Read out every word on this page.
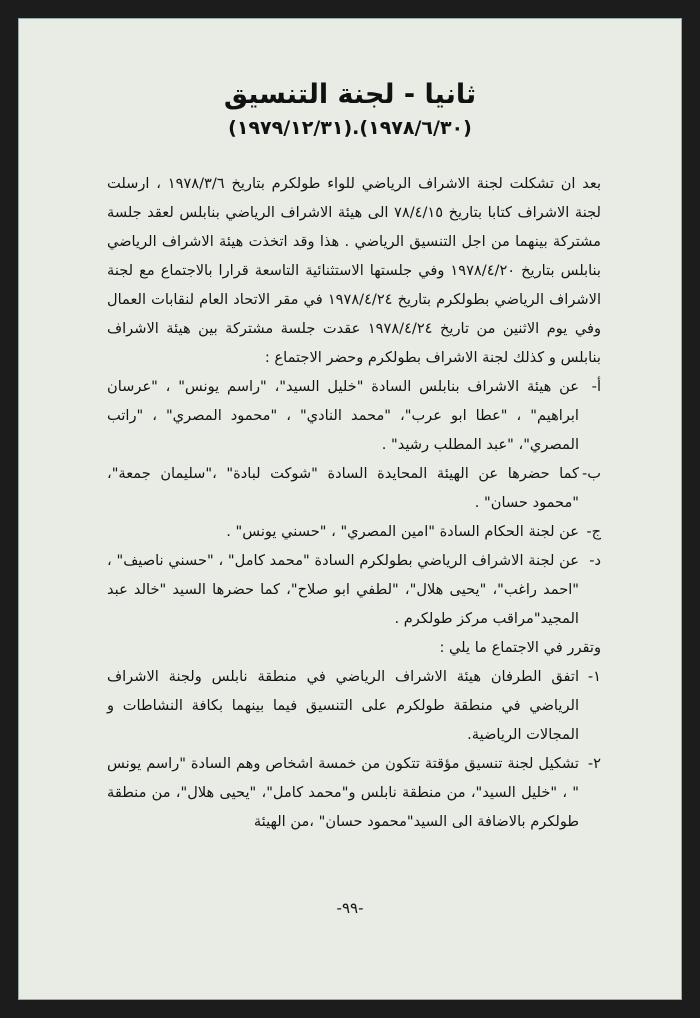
ثانيا - لجنة التنسيق
(١٩٧٨/٦/٣٠).(١٩٧٩/١٢/٣١)

بعد ان تشكلت لجنة الاشراف الرياضي للواء طولكرم بتاريخ ١٩٧٨/٣/٦ ، ارسلت لجنة الاشراف كتابا بتاريخ ٧٨/٤/١٥ الى هيئة الاشراف الرياضي بنابلس لعقد جلسة مشتركة بينهما من اجل التنسيق الرياضي . هذا وقد اتخذت هيئة الاشراف الرياضي بنابلس بتاريخ ١٩٧٨/٤/٢٠ وفي جلستها الاستثنائية التاسعة قرارا بالاجتماع مع لجنة الاشراف الرياضي بطولكرم بتاريخ ١٩٧٨/٤/٢٤ في مقر الاتحاد العام لنقابات العمال وفي يوم الاثنين من تاريخ ١٩٧٨/٤/٢٤ عقدت جلسة مشتركة بين هيئة الاشراف بنابلس و كذلك لجنة الاشراف بطولكرم وحضر الاجتماع :

أ-
عن هيئة الاشراف بنابلس السادة "خليل السيد"، "راسم يونس" ، "عرسان ابراهيم" ، "عطا ابو عرب"، "محمد النادي" ، "محمود المصري" ، "راتب المصري"، "عبد المطلب رشيد" .
ب-
كما حضرها عن الهيئة المحايدة السادة "شوكت لبادة" ،"سليمان جمعة"، "محمود حسان" .
ج-
عن لجنة الحكام السادة "امين المصري" ، "حسني يونس" .
د-
عن لجنة الاشراف الرياضي بطولكرم السادة "محمد كامل" ، "حسني ناصيف" ، "احمد راغب"، "يحيى هلال"، "لطفي ابو صلاح"، كما حضرها السيد "خالد عبد المجيد"مراقب مركز طولكرم .

وتقرر في الاجتماع ما يلي :

١-
اتفق الطرفان هيئة الاشراف الرياضي في منطقة نابلس ولجنة الاشراف الرياضي في منطقة طولكرم على التنسيق فيما بينهما بكافة النشاطات و المجالات الرياضية.
٢-
تشكيل لجنة تنسيق مؤقتة تتكون من خمسة اشخاص وهم السادة "راسم يونس " ، "خليل السيد"، من منطقة نابلس و"محمد كامل"، "يحيى هلال"، من منطقة طولكرم بالاضافة الى السيد"محمود حسان" ،من الهيئة
-٩٩-
